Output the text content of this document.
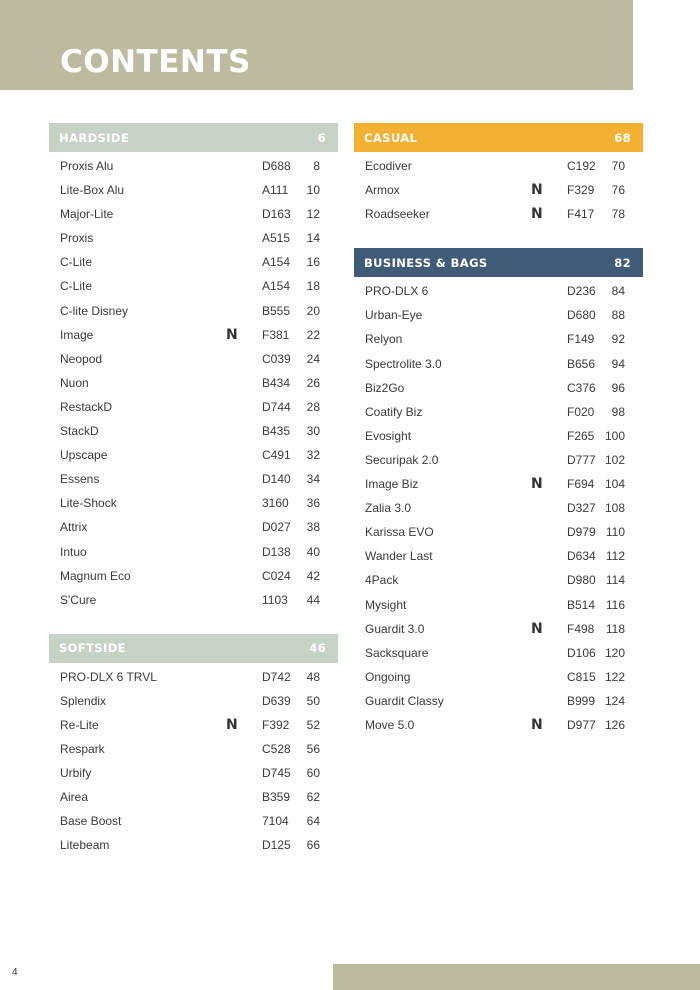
CONTENTS
HARDSIDE	6
Proxis Alu	D688 8
Lite-Box Alu	A111 10
Major-Lite	D163 12
Proxis	A515 14
C-Lite	A154 16
C-Lite	A154 18
C-lite Disney	B555 20
Image	N F381 22
Neopod	C039 24
Nuon	B434 26
RestackD	D744 28
StackD	B435 30
Upscape	C491 32
Essens	D140 34
Lite-Shock	3160 36
Attrix	D027 38
Intuo	D138 40
Magnum Eco	C024 42
S'Cure	1103 44
SOFTSIDE	46
PRO-DLX 6 TRVL	D742 48
Splendix	D639 50
Re-Lite	N F392 52
Respark	C528 56
Urbify	D745 60
Airea	B359 62
Base Boost	7104 64
Litebeam	D125 66
CASUAL	68
Ecodiver	C192 70
Armox	N F329 76
Roadseeker	N F417 78
BUSINESS & BAGS	82
PRO-DLX 6	D236 84
Urban-Eye	D680 88
Relyon	F149 92
Spectrolite 3.0	B656 94
Biz2Go	C376 96
Coatify Biz	F020 98
Evosight	F265 100
Securipak 2.0	D777 102
Image Biz	N F694 104
Zalia 3.0	D327 108
Karissa EVO	D979 110
Wander Last	D634 112
4Pack	D980 114
Mysight	B514 116
Guardit 3.0	N F498 118
Sacksquare	D106 120
Ongoing	C815 122
Guardit Classy	B999 124
Move 5.0	N D977 126
4
